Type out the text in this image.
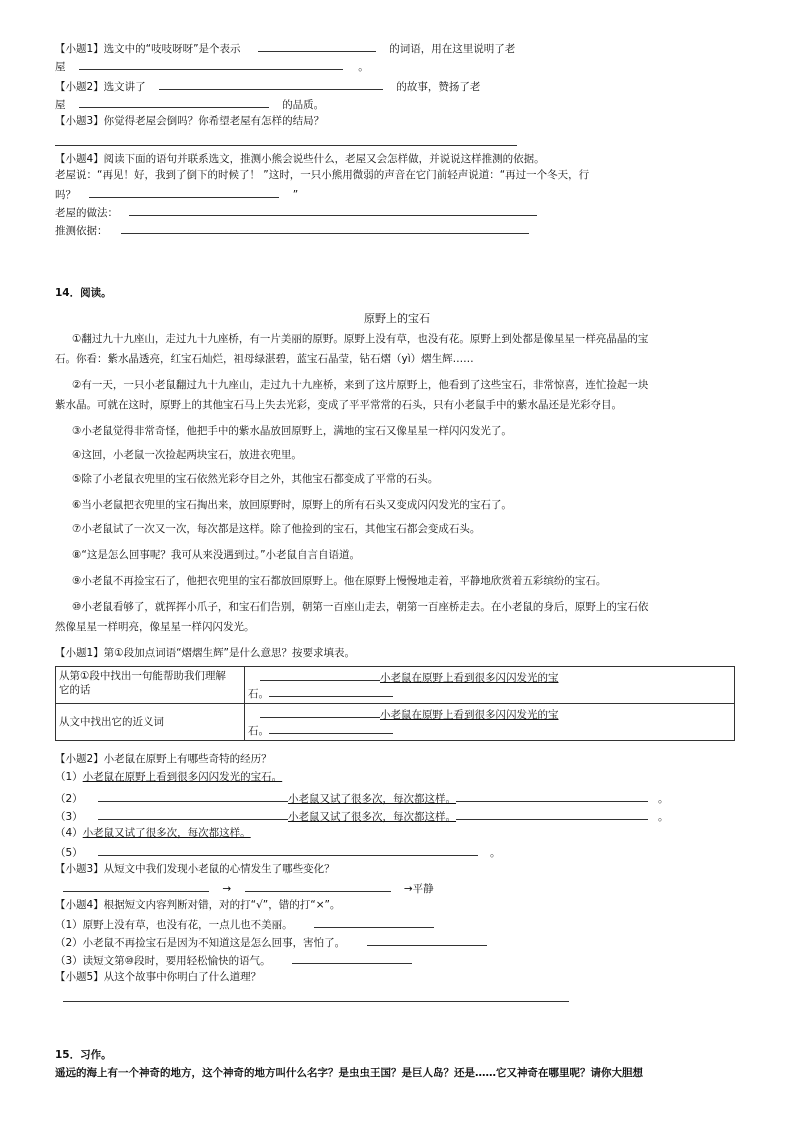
【小题1】选文中的“吱吱呀呀”是个表示	的词语，用在这里说明了老
屋	。
【小题2】选文讲了	的故事，赞扬了老
屋	的品质。
【小题3】你觉得老屋会倒吗？你希望老屋有怎样的结局？
【小题4】阅读下面的语句并联系选文，推测小熊会说些什么，老屋又会怎样做，并说说这样推测的依据。
老屋说：“再见！好，我到了倒下的时候了！ ”这时，一只小熊用微弱的声音在它门前轻声说道：“再过一个冬天，行
吗？	”
老屋的做法：
推测依据：
14．阅读。
原野上的宝石
①翻过九十九座山，走过九十九座桥，有一片美丽的原野。原野上没有草，也没有花。原野上到处都是像星星一样亮晶晶的宝
石。你看：紫水晶透亮，红宝石灿烂，祖母绿湛碧，蓝宝石晶莹，钻石熠（yì）熠生辉……
②有一天，一只小老鼠翻过九十九座山，走过九十九座桥，来到了这片原野上，他看到了这些宝石，非常惊喜，连忙捡起一块
紫水晶。可就在这时，原野上的其他宝石马上失去光彩，变成了平平常常的石头，只有小老鼠手中的紫水晶还是光彩夺目。
③小老鼠觉得非常奇怪，他把手中的紫水晶放回原野上，满地的宝石又像星星一样闪闪发光了。
④这回，小老鼠一次捡起两块宝石，放进衣兜里。
⑤除了小老鼠衣兜里的宝石依然光彩夺目之外，其他宝石都变成了平常的石头。
⑥当小老鼠把衣兜里的宝石掏出来，放回原野时，原野上的所有石头又变成闪闪发光的宝石了。
⑦小老鼠试了一次又一次，每次都是这样。除了他捡到的宝石，其他宝石都会变成石头。
⑧“这是怎么回事呢？我可从来没遇到过。”小老鼠自言自语道。
⑨小老鼠不再捡宝石了，他把衣兜里的宝石都放回原野上。他在原野上慢慢地走着，平静地欣赏着五彩缤纷的宝石。
⑩小老鼠看够了，就挥挥小爪子，和宝石们告别，朝第一百座山走去，朝第一百座桥走去。在小老鼠的身后，原野上的宝石依
然像星星一样明亮，像星星一样闪闪发光。
【小题1】第①段加点词语“熠熠生辉”是什么意思？按要求填表。
从第①段中找出一句能帮助我们理解
它的话	小老鼠在原野上看到很多闪闪发光的宝
石。
从文中找出它的近义词	小老鼠在原野上看到很多闪闪发光的宝
石。
【小题2】小老鼠在原野上有哪些奇特的经历？
（1）小老鼠在原野上看到很多闪闪发光的宝石。
（2）	小老鼠又试了很多次，每次都这样。	。
（3）	小老鼠又试了很多次，每次都这样。	。
（4）小老鼠又试了很多次，每次都这样。
（5）	。
【小题3】从短文中我们发现小老鼠的心情发生了哪些变化？
→	→平静
【小题4】根据短文内容判断对错，对的打“√”，错的打“×”。
（1）原野上没有草，也没有花，一点儿也不美丽。
（2）小老鼠不再捡宝石是因为不知道这是怎么回事，害怕了。
（3）读短文第⑩段时，要用轻松愉快的语气。
【小题5】从这个故事中你明白了什么道理？
15．习作。
遥远的海上有一个神奇的地方，这个神奇的地方叫什么名字？是虫虫王国？是巨人岛？还是……它又神奇在哪里呢？请你大胆想
